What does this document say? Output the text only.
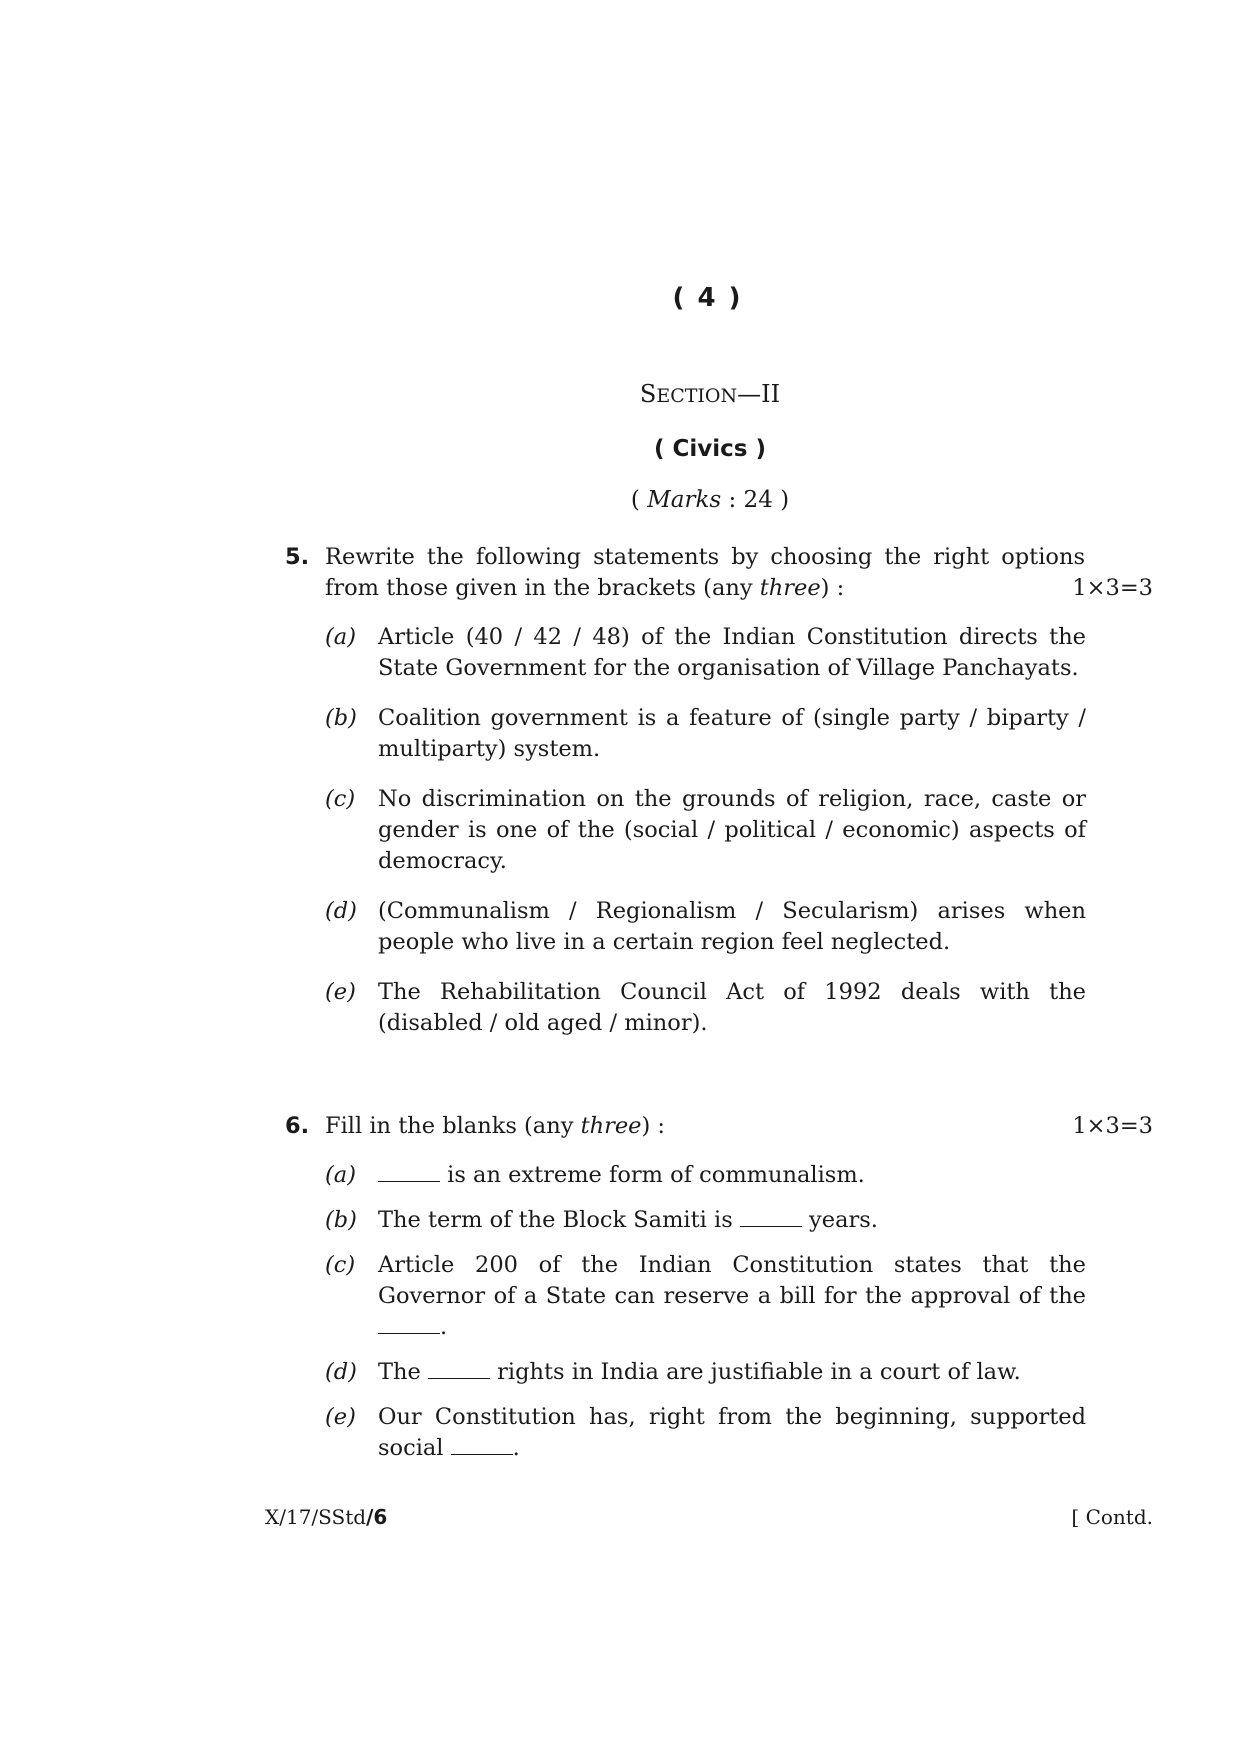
( 4 )
SECTION—II
( Civics )
( Marks : 24 )
5. Rewrite the following statements by choosing the right options from those given in the brackets (any three) :	1×3=3
(a) Article (40 / 42 / 48) of the Indian Constitution directs the State Government for the organisation of Village Panchayats.
(b) Coalition government is a feature of (single party / biparty / multiparty) system.
(c) No discrimination on the grounds of religion, race, caste or gender is one of the (social / political / economic) aspects of democracy.
(d) (Communalism / Regionalism / Secularism) arises when people who live in a certain region feel neglected.
(e) The Rehabilitation Council Act of 1992 deals with the (disabled / old aged / minor).
6. Fill in the blanks (any three) :	1×3=3
(a)	is an extreme form of communalism.
(b) The term of the Block Samiti is	years.
(c) Article 200 of the Indian Constitution states that the Governor of a State can reserve a bill for the approval of the .
(d) The	rights in India are justifiable in a court of law.
(e) Our Constitution has, right from the beginning, supported social	.
X/17/SStd/6	[ Contd.
